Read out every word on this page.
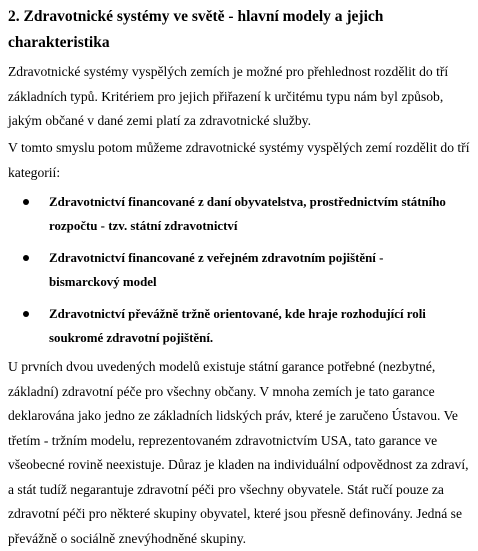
2. Zdravotnické systémy ve světě - hlavní modely a jejich charakteristika

Zdravotnické systémy vyspělých zemích je možné pro přehlednost rozdělit do tří základních typů. Kritériem pro jejich přiřazení k určitému typu nám byl způsob, jakým občané v dané zemi platí za zdravotnické služby.

V tomto smyslu potom můžeme zdravotnické systémy vyspělých zemí rozdělit do tří kategorií:

Zdravotnictví financované z daní obyvatelstva, prostřednictvím státního rozpočtu - tzv. státní zdravotnictví
Zdravotnictví financované z veřejném zdravotním pojištění - bismarckový model
Zdravotnictví převážně tržně orientované, kde hraje rozhodující roli soukromé zdravotní pojištění.

U prvních dvou uvedených modelů existuje státní garance potřebné (nezbytné, základní) zdravotní péče pro všechny občany. V mnoha zemích je tato garance deklarována jako jedno ze základních lidských práv, které je zaručeno Ústavou. Ve třetím - tržním modelu, reprezentovaném zdravotnictvím USA, tato garance ve všeobecné rovině neexistuje. Důraz je kladen na individuální odpovědnost za zdraví, a stát tudíž negarantuje zdravotní péči pro všechny obyvatele. Stát ručí pouze za zdravotní péči pro některé skupiny obyvatel, které jsou přesně definovány. Jedná se převážně o sociálně znevýhodněné skupiny.
